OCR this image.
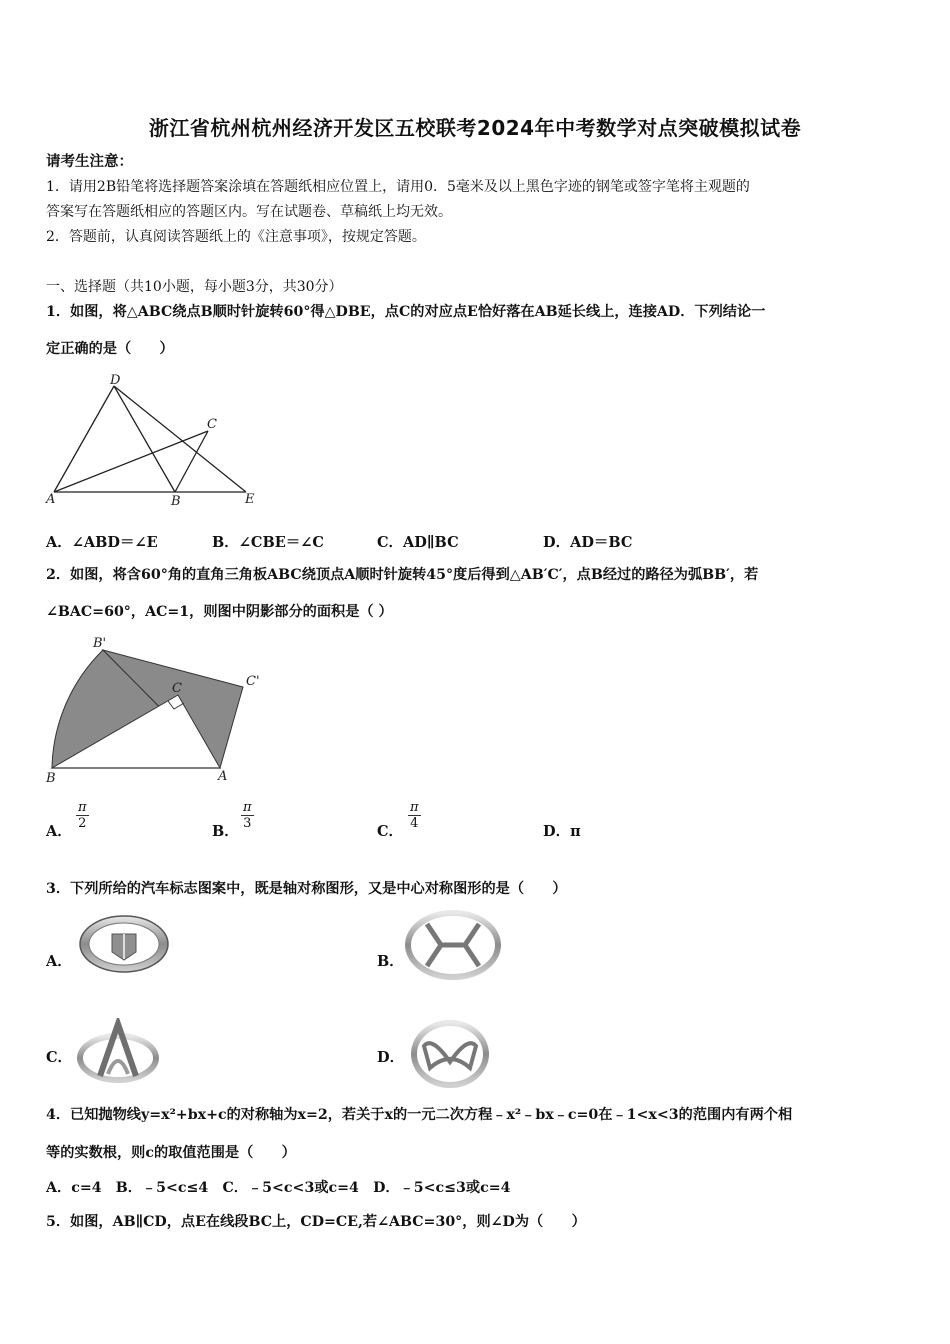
浙江省杭州杭州经济开发区五校联考2024年中考数学对点突破模拟试卷
请考生注意：
1．请用2B铅笔将选择题答案涂填在答题纸相应位置上，请用0．5毫米及以上黑色字迹的钢笔或签字笔将主观题的
答案写在答题纸相应的答题区内。写在试题卷、草稿纸上均无效。
2．答题前，认真阅读答题纸上的《注意事项》，按规定答题。
一、选择题（共10小题，每小题3分，共30分）
1．如图，将△ABC绕点B顺时针旋转60°得△DBE，点C的对应点E恰好落在AB延长线上，连接AD．下列结论一
定正确的是（　　）
D
C
A	B	E
A．∠ABD＝∠E	B．∠CBE＝∠C	C．AD∥BC	D．AD＝BC
2．如图，将含60°角的直角三角板ABC绕顶点A顺时针旋转45°度后得到△AB′C′，点B经过的路径为弧BB′，若
∠BAC=60°，AC=1，则图中阴影部分的面积是（ ）
B'
C	C'
B	A
A．
$\frac{\pi}{2}$
B．
$\frac{\pi}{3}$
C．
$\frac{\pi}{4}$
D．π
3．下列所给的汽车标志图案中，既是轴对称图形，又是中心对称图形的是（　　）
A．	B．
C．	D．
4．已知抛物线y=x²+bx+c的对称轴为x=2，若关于x的一元二次方程﹣x²﹣bx﹣c=0在﹣1<x<3的范围内有两个相
等的实数根，则c的取值范围是（　　）
A．c=4　B．﹣5<c≤4　C．﹣5<c<3或c=4　D．﹣5<c≤3或c=4
5．如图，AB∥CD，点E在线段BC上，CD=CE,若∠ABC=30°，则∠D为（　　）
